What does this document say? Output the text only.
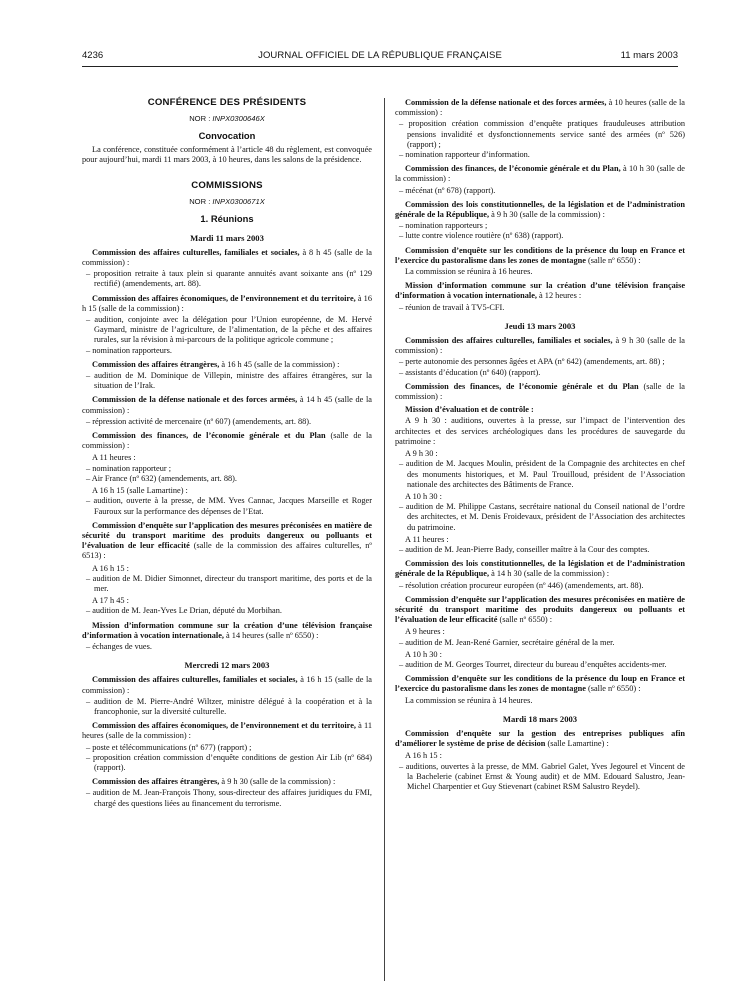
4236	JOURNAL OFFICIEL DE LA RÉPUBLIQUE FRANÇAISE	11 mars 2003
CONFÉRENCE DES PRÉSIDENTS
NOR : INPX0300646X
Convocation

La conférence, constituée conformément à l’article 48 du règlement, est convoquée pour aujourd’hui, mardi 11 mars 2003, à 10 heures, dans les salons de la présidence.

COMMISSIONS
NOR : INPX0300671X
1. Réunions
Mardi 11 mars 2003

Commission des affaires culturelles, familiales et sociales, à 8 h 45 (salle de la commission) :

– proposition retraite à taux plein si quarante annuités avant soixante ans (nº 129 rectifié) (amendements, art. 88).

Commission des affaires économiques, de l’environnement et du territoire, à 16 h 15 (salle de la commission) :

– audition, conjointe avec la délégation pour l’Union européenne, de M. Hervé Gaymard, ministre de l’agriculture, de l’alimentation, de la pêche et des affaires rurales, sur la révision à mi-parcours de la politique agricole commune ;

– nomination rapporteurs.

Commission des affaires étrangères, à 16 h 45 (salle de la commission) :

– audition de M. Dominique de Villepin, ministre des affaires étrangères, sur la situation de l’Irak.

Commission de la défense nationale et des forces armées, à 14 h 45 (salle de la commission) :

– répression activité de mercenaire (nº 607) (amendements, art. 88).

Commission des finances, de l’économie générale et du Plan (salle de la commission) :

A 11 heures :

– nomination rapporteur ;

– Air France (nº 632) (amendements, art. 88).

A 16 h 15 (salle Lamartine) :

– audition, ouverte à la presse, de MM. Yves Cannac, Jacques Marseille et Roger Fauroux sur la performance des dépenses de l’Etat.

Commission d’enquête sur l’application des mesures préconisées en matière de sécurité du transport maritime des produits dangereux ou polluants et l’évaluation de leur efficacité (salle de la commission des affaires culturelles, nº 6513) :

A 16 h 15 :

– audition de M. Didier Simonnet, directeur du transport maritime, des ports et de la mer.

A 17 h 45 :

– audition de M. Jean-Yves Le Drian, député du Morbihan.

Mission d’information commune sur la création d’une télévision française d’information à vocation internationale, à 14 heures (salle nº 6550) :

– échanges de vues.

Mercredi 12 mars 2003

Commission des affaires culturelles, familiales et sociales, à 16 h 15 (salle de la commission) :

– audition de M. Pierre-André Wiltzer, ministre délégué à la coopération et à la francophonie, sur la diversité culturelle.

Commission des affaires économiques, de l’environnement et du territoire, à 11 heures (salle de la commission) :

– poste et télécommunications (nº 677) (rapport) ;

– proposition création commission d’enquête conditions de gestion Air Lib (nº 684) (rapport).

Commission des affaires étrangères, à 9 h 30 (salle de la commission) :

– audition de M. Jean-François Thony, sous-directeur des affaires juridiques du FMI, chargé des questions liées au financement du terrorisme.

Commission de la défense nationale et des forces armées, à 10 heures (salle de la commission) :

– proposition création commission d’enquête pratiques frauduleuses attribution pensions invalidité et dysfonctionnements service santé des armées (nº 526) (rapport) ;

– nomination rapporteur d’information.

Commission des finances, de l’économie générale et du Plan, à 10 h 30 (salle de la commission) :

– mécénat (nº 678) (rapport).

Commission des lois constitutionnelles, de la législation et de l’administration générale de la République, à 9 h 30 (salle de la commission) :

– nomination rapporteurs ;

– lutte contre violence routière (nº 638) (rapport).

Commission d’enquête sur les conditions de la présence du loup en France et l’exercice du pastoralisme dans les zones de montagne (salle nº 6550) :

La commission se réunira à 16 heures.

Mission d’information commune sur la création d’une télévision française d’information à vocation internationale, à 12 heures :

– réunion de travail à TV5-CFI.

Jeudi 13 mars 2003

Commission des affaires culturelles, familiales et sociales, à 9 h 30 (salle de la commission) :

– perte autonomie des personnes âgées et APA (nº 642) (amendements, art. 88) ;

– assistants d’éducation (nº 640) (rapport).

Commission des finances, de l’économie générale et du Plan (salle de la commission) :

Mission d’évaluation et de contrôle :

A 9 h 30 : auditions, ouvertes à la presse, sur l’impact de l’intervention des architectes et des services archéologiques dans les procédures de sauvegarde du patrimoine :

A 9 h 30 :

– audition de M. Jacques Moulin, président de la Compagnie des architectes en chef des monuments historiques, et M. Paul Trouilloud, président de l’Association nationale des architectes des Bâtiments de France.

A 10 h 30 :

– audition de M. Philippe Castans, secrétaire national du Conseil national de l’ordre des architectes, et M. Denis Froidevaux, président de l’Association des architectes du patrimoine.

A 11 heures :

– audition de M. Jean-Pierre Bady, conseiller maître à la Cour des comptes.

Commission des lois constitutionnelles, de la législation et de l’administration générale de la République, à 14 h 30 (salle de la commission) :

– résolution création procureur européen (nº 446) (amendements, art. 88).

Commission d’enquête sur l’application des mesures préconisées en matière de sécurité du transport maritime des produits dangereux ou polluants et l’évaluation de leur efficacité (salle nº 6550) :

A 9 heures :

– audition de M. Jean-René Garnier, secrétaire général de la mer.

A 10 h 30 :

– audition de M. Georges Tourret, directeur du bureau d’enquêtes accidents-mer.

Commission d’enquête sur les conditions de la présence du loup en France et l’exercice du pastoralisme dans les zones de montagne (salle nº 6550) :

La commission se réunira à 14 heures.

Mardi 18 mars 2003

Commission d’enquête sur la gestion des entreprises publiques afin d’améliorer le système de prise de décision (salle Lamartine) :

A 16 h 15 :

– auditions, ouvertes à la presse, de MM. Gabriel Galet, Yves Jegourel et Vincent de la Bachelerie (cabinet Ernst & Young audit) et de MM. Edouard Salustro, Jean-Michel Charpentier et Guy Stievenart (cabinet RSM Salustro Reydel).
